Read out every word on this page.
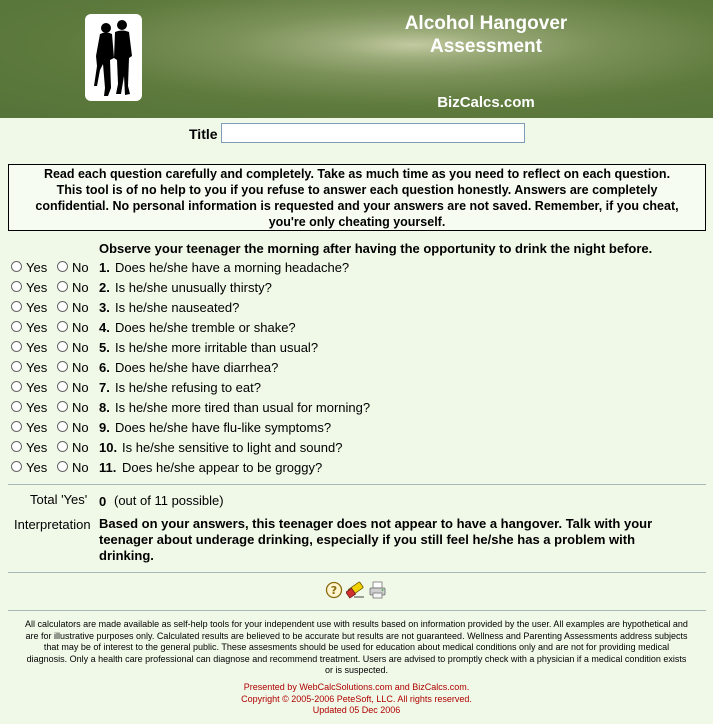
Alcohol Hangover
Assessment
BizCalcs.com
Title
Read each question carefully and completely. Take as much time as you need to reflect on each question.
This tool is of no help to you if you refuse to answer each question honestly. Answers are completely
confidential. No personal information is requested and your answers are not saved. Remember, if you cheat,
you're only cheating yourself.
Observe your teenager the morning after having the opportunity to drink the night before.
Yes No 1. Does he/she have a morning headache?
Yes No 2. Is he/she unusually thirsty?
Yes No 3. Is he/she nauseated?
Yes No 4. Does he/she tremble or shake?
Yes No 5. Is he/she more irritable than usual?
Yes No 6. Does he/she have diarrhea?
Yes No 7. Is he/she refusing to eat?
Yes No 8. Is he/she more tired than usual for morning?
Yes No 9. Does he/she have flu-like symptoms?
Yes No 10. Is he/she sensitive to light and sound?
Yes No 11. Does he/she appear to be groggy?
Total 'Yes' 0 (out of 11 possible)
Interpretation Based on your answers, this teenager does not appear to have a hangover. Talk with your
teenager about underage drinking, especially if you still feel he/she has a problem with
drinking.
?
All calculators are made available as self-help tools for your independent use with results based on information provided by the user. All examples are hypothetical and
are for illustrative purposes only. Calculated results are believed to be accurate but results are not guaranteed. Wellness and Parenting Assessments address subjects
that may be of interest to the general public. These assesments should be used for education about medical conditions only and are not for providing medical
diagnosis. Only a health care professional can diagnose and recommend treatment. Users are advised to promptly check with a physician if a medical condition exists
or is suspected.
Presented by WebCalcSolutions.com and BizCalcs.com.
Copyright © 2005-2006 PeteSoft, LLC. All rights reserved.
Updated 05 Dec 2006
